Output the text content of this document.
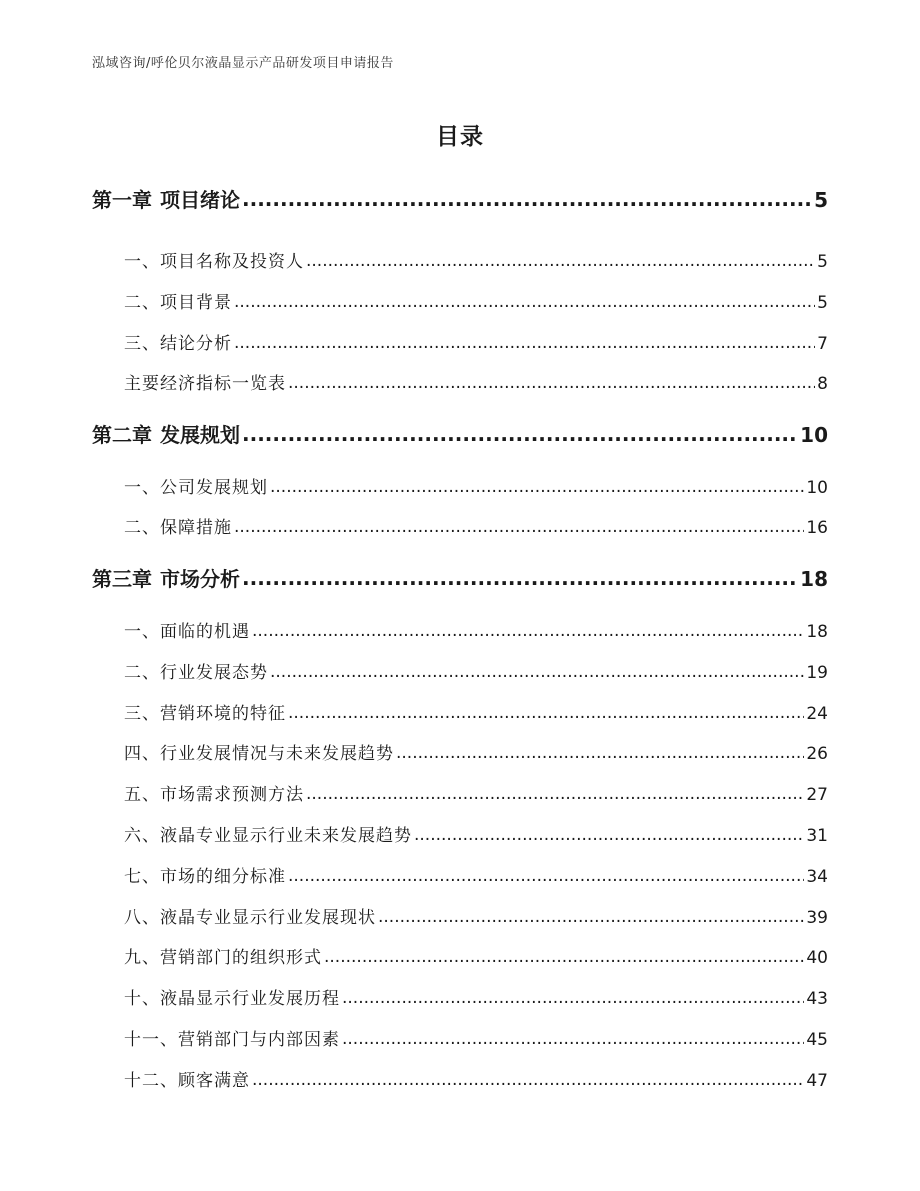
泓域咨询/呼伦贝尔液晶显示产品研发项目申请报告
目录
第一章 项目绪论 .....	5
一、 项目名称及投资人 .....	5
二、 项目背景 .....	5
三、 结论分析 .....	7
主要经济指标一览表 .....	8
第二章 发展规划 .....	10
一、 公司发展规划 .....	10
二、 保障措施 .....	16
第三章 市场分析 .....	18
一、 面临的机遇 .....	18
二、 行业发展态势 .....	19
三、 营销环境的特征 .....	24
四、 行业发展情况与未来发展趋势 .....	26
五、 市场需求预测方法 .....	27
六、 液晶专业显示行业未来发展趋势 .....	31
七、 市场的细分标准 .....	34
八、 液晶专业显示行业发展现状 .....	39
九、 营销部门的组织形式 .....	40
十、 液晶显示行业发展历程 .....	43
十一、 营销部门与内部因素 .....	45
十二、 顾客满意 .....	47
